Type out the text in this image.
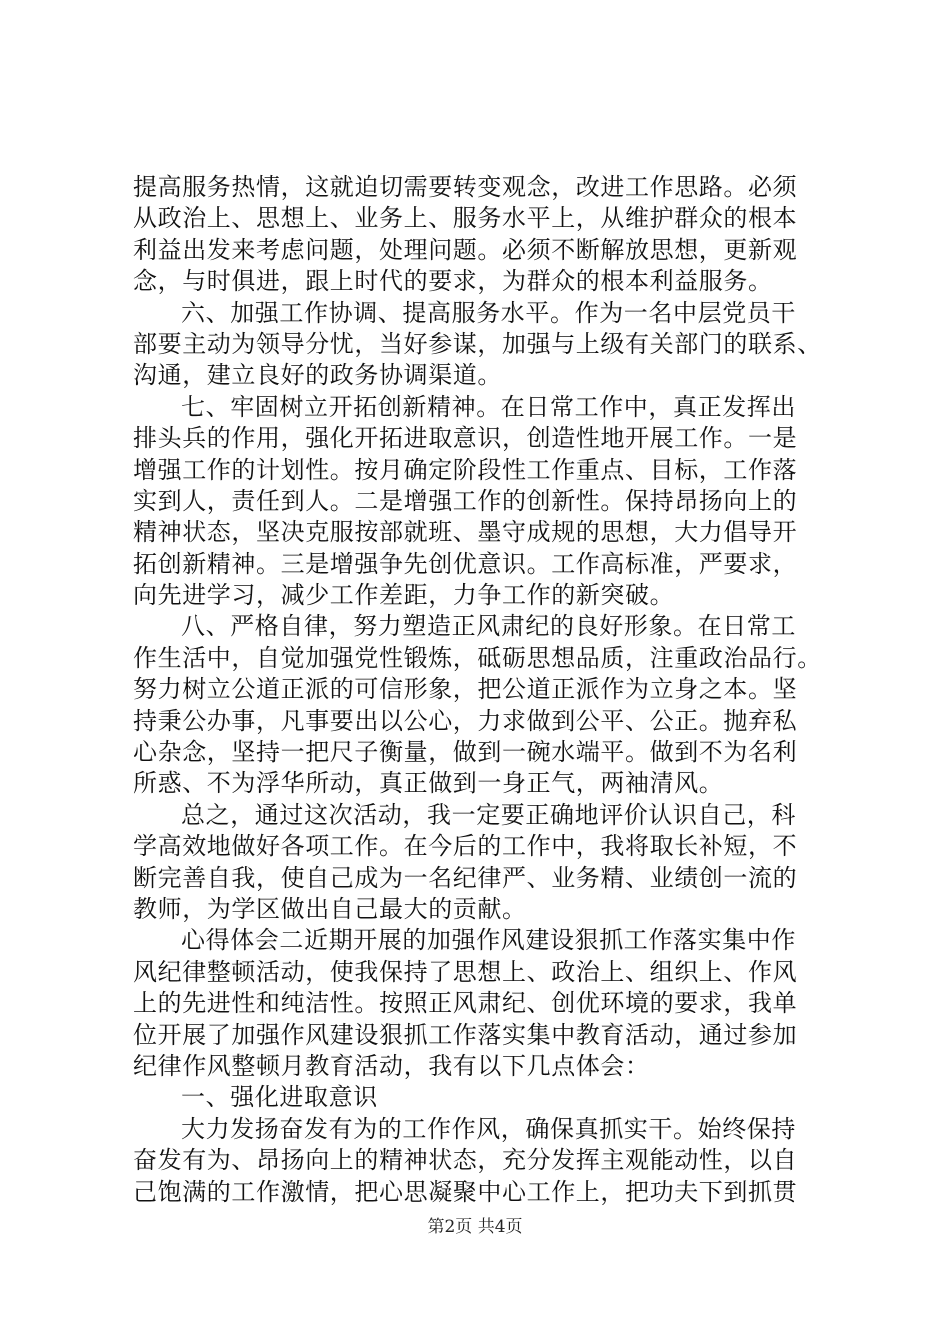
提高服务热情，这就迫切需要转变观念，改进工作思路。必须
从政治上、思想上、业务上、服务水平上，从维护群众的根本
利益出发来考虑问题，处理问题。必须不断解放思想，更新观
念，与时俱进，跟上时代的要求，为群众的根本利益服务。
六、加强工作协调、提高服务水平。作为一名中层党员干
部要主动为领导分忧，当好参谋，加强与上级有关部门的联系、
沟通，建立良好的政务协调渠道。
七、牢固树立开拓创新精神。在日常工作中，真正发挥出
排头兵的作用，强化开拓进取意识，创造性地开展工作。一是
增强工作的计划性。按月确定阶段性工作重点、目标，工作落
实到人，责任到人。二是增强工作的创新性。保持昂扬向上的
精神状态，坚决克服按部就班、墨守成规的思想，大力倡导开
拓创新精神。三是增强争先创优意识。工作高标准，严要求，
向先进学习，减少工作差距，力争工作的新突破。
八、严格自律，努力塑造正风肃纪的良好形象。在日常工
作生活中，自觉加强党性锻炼，砥砺思想品质，注重政治品行。
努力树立公道正派的可信形象，把公道正派作为立身之本。坚
持秉公办事，凡事要出以公心，力求做到公平、公正。抛弃私
心杂念，坚持一把尺子衡量，做到一碗水端平。做到不为名利
所惑、不为浮华所动，真正做到一身正气，两袖清风。
总之，通过这次活动，我一定要正确地评价认识自己，科
学高效地做好各项工作。在今后的工作中，我将取长补短，不
断完善自我，使自己成为一名纪律严、业务精、业绩创一流的
教师，为学区做出自己最大的贡献。
心得体会二近期开展的加强作风建设狠抓工作落实集中作
风纪律整顿活动，使我保持了思想上、政治上、组织上、作风
上的先进性和纯洁性。按照正风肃纪、创优环境的要求，我单
位开展了加强作风建设狠抓工作落实集中教育活动，通过参加
纪律作风整顿月教育活动，我有以下几点体会：
一、强化进取意识
大力发扬奋发有为的工作作风，确保真抓实干。始终保持
奋发有为、昂扬向上的精神状态，充分发挥主观能动性，以自
己饱满的工作激情，把心思凝聚中心工作上，把功夫下到抓贯
第2页 共4页
